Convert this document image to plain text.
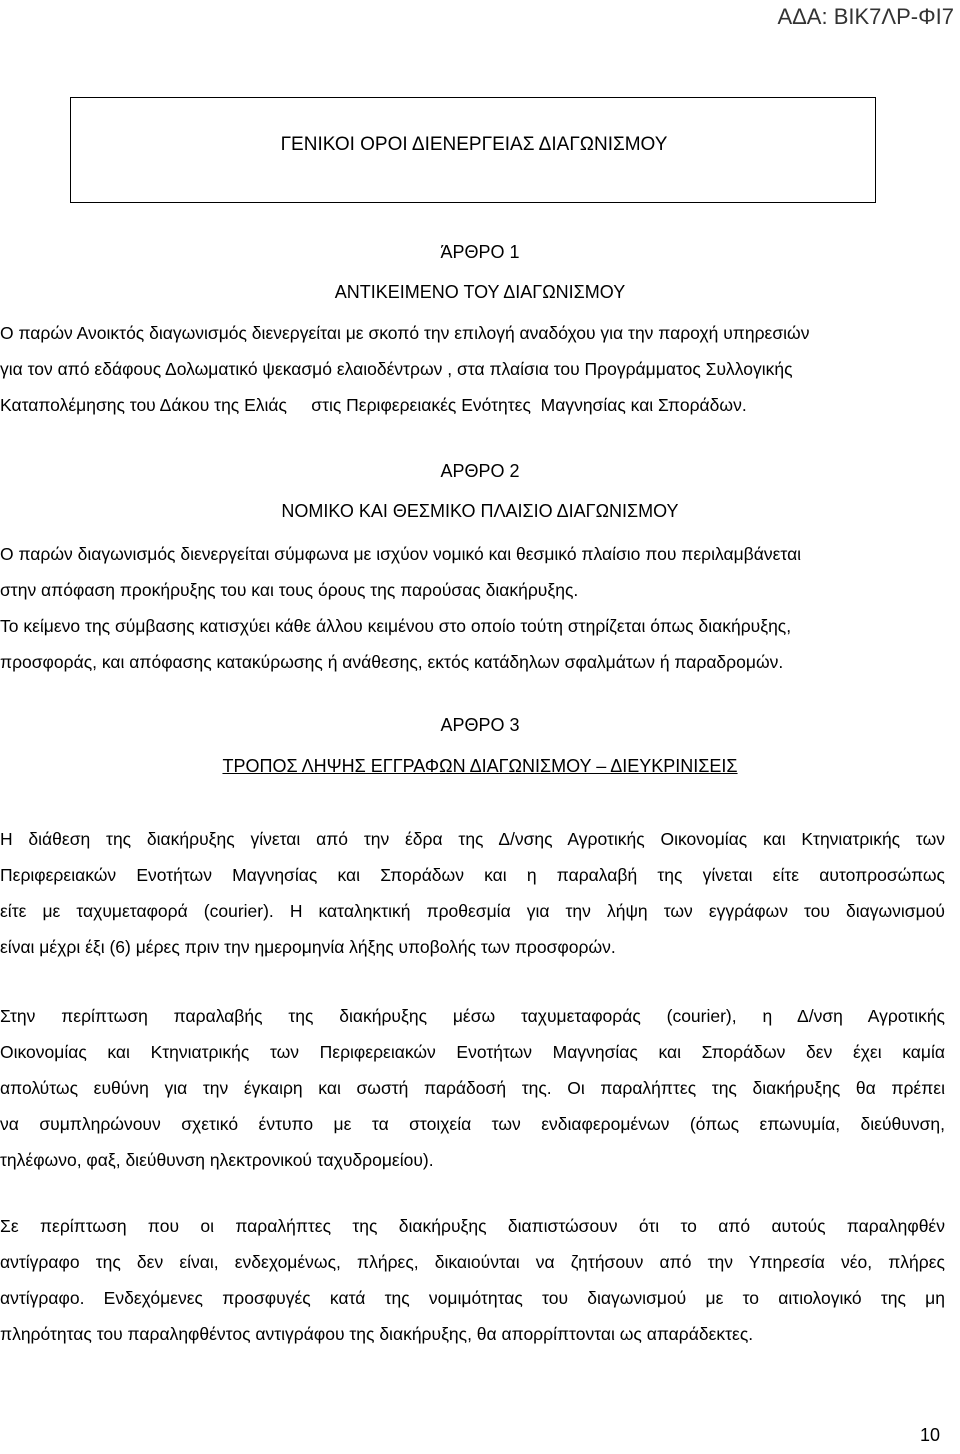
ΑΔΑ: ΒΙΚ7ΛΡ-ΦΙ7
ΓΕΝΙΚΟΙ ΟΡΟΙ ΔΙΕΝΕΡΓΕΙΑΣ ΔΙΑΓΩΝΙΣΜΟΥ
ΆΡΘΡΟ 1
ΑΝΤΙΚΕΙΜΕΝΟ ΤΟΥ ΔΙΑΓΩΝΙΣΜΟΥ
Ο παρών Ανοικτός διαγωνισμός διενεργείται με σκοπό την επιλογή αναδόχου για την παροχή υπηρεσιών
για τον από εδάφους Δολωματικό ψεκασμό ελαιοδέντρων , στα πλαίσια του Προγράμματος Συλλογικής
Καταπολέμησης του Δάκου της Ελιάς     στις Περιφερειακές Ενότητες  Μαγνησίας και Σποράδων.
ΑΡΘΡΟ 2
ΝΟΜΙΚΟ ΚΑΙ ΘΕΣΜΙΚΟ ΠΛΑΙΣΙΟ ΔΙΑΓΩΝΙΣΜΟΥ
Ο παρών διαγωνισμός διενεργείται σύμφωνα με ισχύον νομικό και θεσμικό πλαίσιο που περιλαμβάνεται
στην απόφαση προκήρυξης του και τους όρους της παρούσας διακήρυξης.
Το κείμενο της σύμβασης κατισχύει κάθε άλλου κειμένου στο οποίο τούτη στηρίζεται όπως διακήρυξης,
προσφοράς, και απόφασης κατακύρωσης ή ανάθεσης, εκτός κατάδηλων σφαλμάτων ή παραδρομών.
ΑΡΘΡΟ 3
ΤΡΟΠΟΣ ΛΗΨΗΣ ΕΓΓΡΑΦΩΝ ΔΙΑΓΩΝΙΣΜΟΥ – ΔΙΕΥΚΡΙΝΙΣΕΙΣ
Η διάθεση της διακήρυξης γίνεται από την έδρα της Δ/νσης Αγροτικής Οικονομίας και Κτηνιατρικής των
Περιφερειακών Ενοτήτων Μαγνησίας και Σποράδων και η παραλαβή της γίνεται είτε αυτοπροσώπως
είτε με ταχυμεταφορά (courier). Η καταληκτική προθεσμία για την λήψη των εγγράφων του διαγωνισμού
είναι μέχρι έξι (6) μέρες πριν την ημερομηνία λήξης υποβολής των προσφορών.
Στην περίπτωση παραλαβής της διακήρυξης μέσω ταχυμεταφοράς (courier), η Δ/νση Αγροτικής
Οικονομίας και Κτηνιατρικής των Περιφερειακών Ενοτήτων Μαγνησίας και Σποράδων δεν έχει καμία
απολύτως ευθύνη για την έγκαιρη και σωστή παράδοσή της. Οι παραλήπτες της διακήρυξης θα πρέπει
να συμπληρώνουν σχετικό έντυπο με τα στοιχεία των ενδιαφερομένων (όπως επωνυμία, διεύθυνση,
τηλέφωνο, φαξ, διεύθυνση ηλεκτρονικού ταχυδρομείου).
Σε περίπτωση που οι παραλήπτες της διακήρυξης διαπιστώσουν ότι το από αυτούς παραληφθέν
αντίγραφο της δεν είναι, ενδεχομένως, πλήρες, δικαιούνται να ζητήσουν από την Υπηρεσία νέο, πλήρες
αντίγραφο. Ενδεχόμενες προσφυγές κατά της νομιμότητας του διαγωνισμού με το αιτιολογικό της μη
πληρότητας του παραληφθέντος αντιγράφου της διακήρυξης, θα απορρίπτονται ως απαράδεκτες.
10
